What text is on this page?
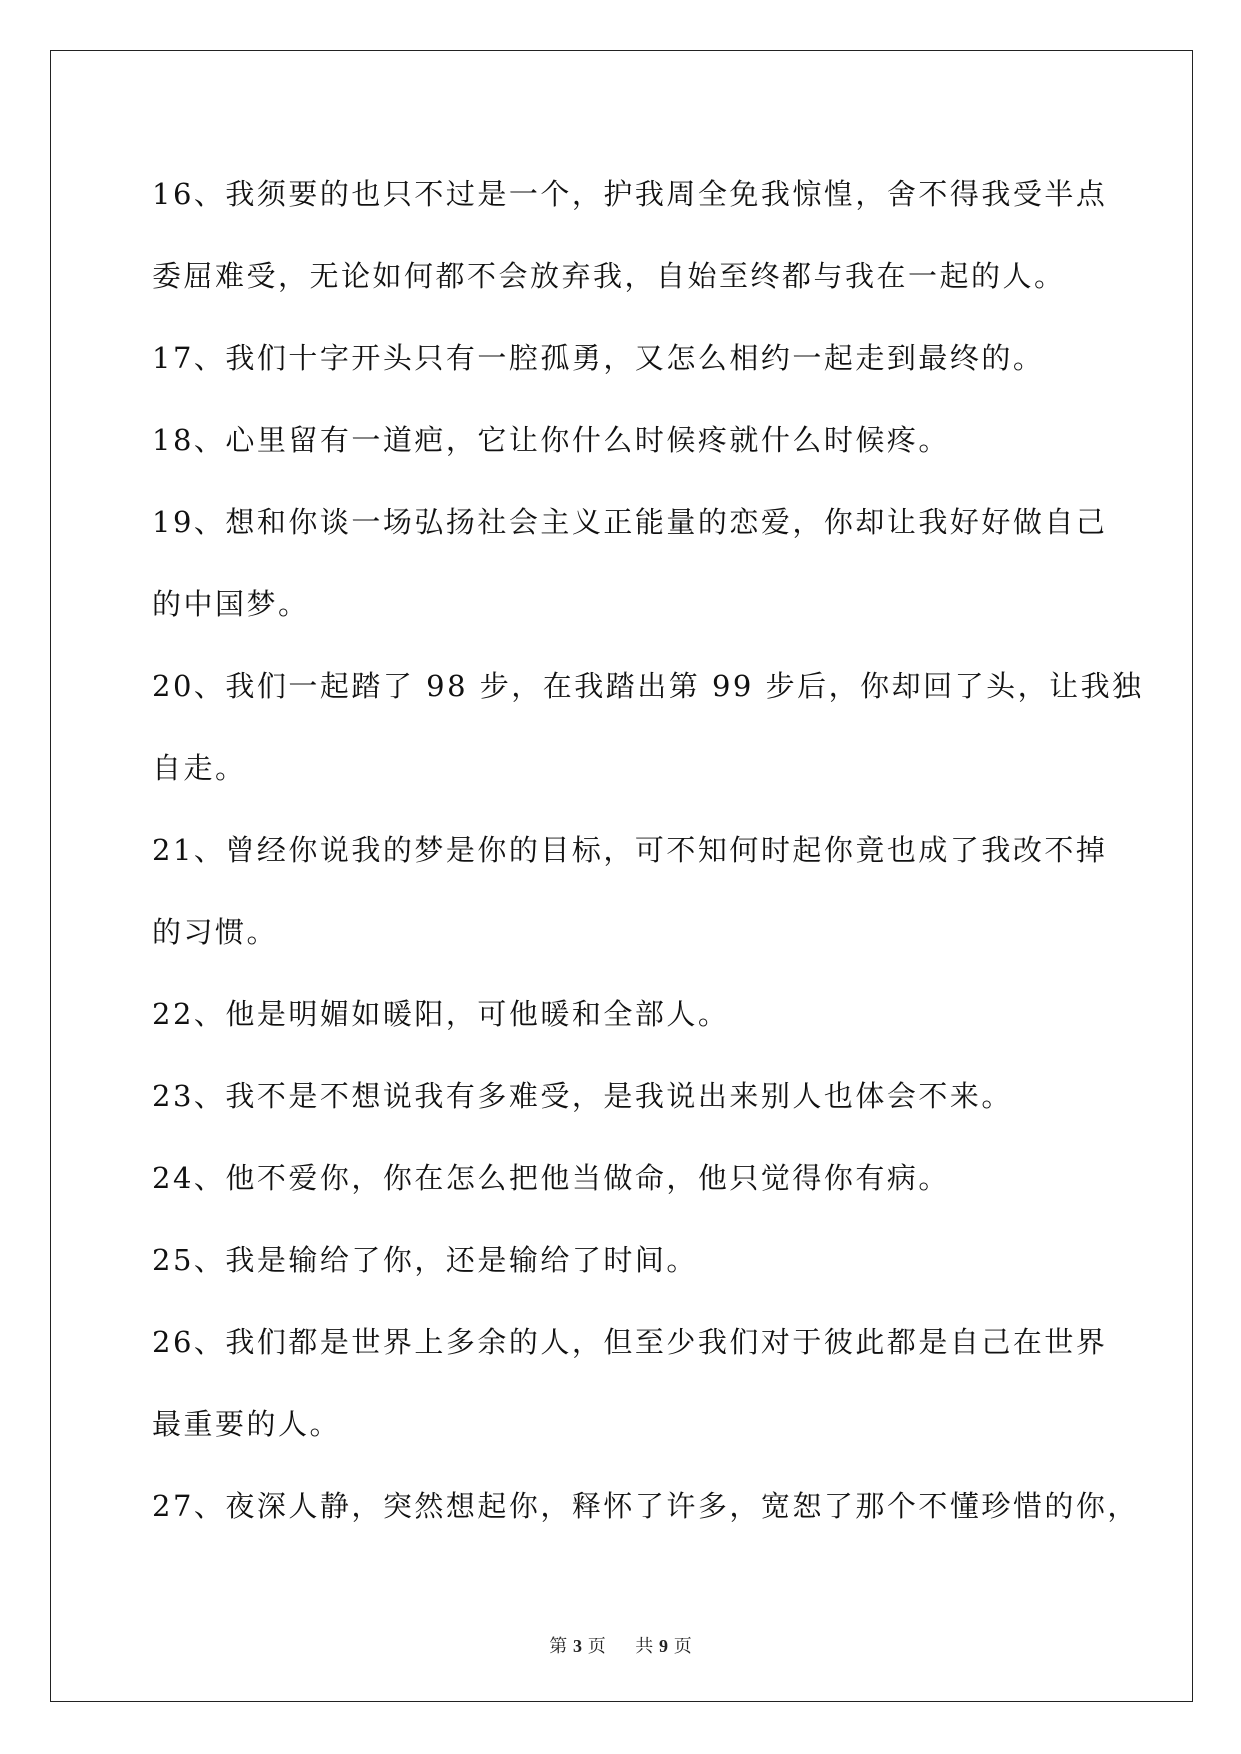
16、我须要的也只不过是一个，护我周全免我惊惶，舍不得我受半点
委屈难受，无论如何都不会放弃我，自始至终都与我在一起的人。
17、我们十字开头只有一腔孤勇，又怎么相约一起走到最终的。
18、心里留有一道疤，它让你什么时候疼就什么时候疼。
19、想和你谈一场弘扬社会主义正能量的恋爱，你却让我好好做自己
的中国梦。
20、我们一起踏了 98 步，在我踏出第 99 步后，你却回了头，让我独
自走。
21、曾经你说我的梦是你的目标，可不知何时起你竟也成了我改不掉
的习惯。
22、他是明媚如暖阳，可他暖和全部人。
23、我不是不想说我有多难受，是我说出来别人也体会不来。
24、他不爱你，你在怎么把他当做命，他只觉得你有病。
25、我是输给了你，还是输给了时间。
26、我们都是世界上多余的人，但至少我们对于彼此都是自己在世界
最重要的人。
27、夜深人静，突然想起你，释怀了许多，宽恕了那个不懂珍惜的你，
第 3 页 共 9 页
